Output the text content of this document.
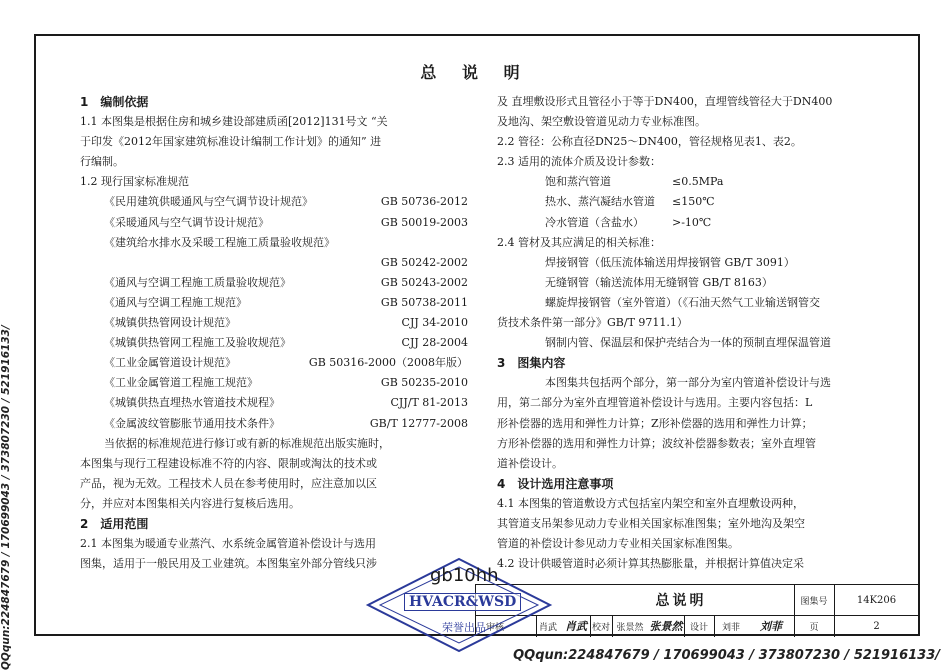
总 说 明
1　编制依据
1.1 本图集是根据住房和城乡建设部建质函[2012]131号文 “关
于印发《2012年国家建筑标准设计编制工作计划》的通知” 进
行编制。
1.2 现行国家标准规范
《民用建筑供暖通风与空气调节设计规范》	GB 50736-2012
《采暖通风与空气调节设计规范》	GB 50019-2003
《建筑给水排水及采暖工程施工质量验收规范》
GB 50242-2002
《通风与空调工程施工质量验收规范》	GB 50243-2002
《通风与空调工程施工规范》	GB 50738-2011
《城镇供热管网设计规范》	CJJ 34-2010
《城镇供热管网工程施工及验收规范》	CJJ 28-2004
《工业金属管道设计规范》	GB 50316-2000（2008年版）
《工业金属管道工程施工规范》	GB 50235-2010
《城镇供热直埋热水管道技术规程》	CJJ/T 81-2013
《金属波纹管膨胀节通用技术条件》	GB/T 12777-2008
当依据的标准规范进行修订或有新的标准规范出版实施时，
本图集与现行工程建设标准不符的内容、限制或淘汰的技术或
产品，视为无效。工程技术人员在参考使用时，应注意加以区
分，并应对本图集相关内容进行复核后选用。
2　适用范围
2.1 本图集为暖通专业蒸汽、水系统金属管道补偿设计与选用
图集，适用于一般民用及工业建筑。本图集室外部分管线只涉
及 直埋敷设形式且管径小于等于DN400，直埋管线管径大于DN400
及地沟、架空敷设管道见动力专业标准图。
2.2 管径：公称直径DN25～DN400，管径规格见表1、表2。
2.3 适用的流体介质及设计参数：
饱和蒸汽管道	≤0.5MPa
热水、蒸汽凝结水管道	≤150℃
冷水管道（含盐水）	>-10℃
2.4 管材及其应满足的相关标准：
焊接钢管（低压流体输送用焊接钢管 GB/T 3091）
无缝钢管（输送流体用无缝钢管 GB/T 8163）
螺旋焊接钢管（室外管道）（《石油天然气工业输送钢管交
货技术条件第一部分》GB/T 9711.1）
钢制内管、保温层和保护壳结合为一体的预制直埋保温管道
3　图集内容
本图集共包括两个部分，第一部分为室内管道补偿设计与选
用，第二部分为室外直埋管道补偿设计与选用。主要内容包括：L
形补偿器的选用和弹性力计算；Z形补偿器的选用和弹性力计算；
方形补偿器的选用和弹性力计算；波纹补偿器参数表；室外直埋管
道补偿设计。
4　设计选用注意事项
4.1 本图集的管道敷设方式包括室内架空和室外直埋敷设两种，
其管道支吊架参见动力专业相关国家标准图集；室外地沟及架空
管道的补偿设计参见动力专业相关国家标准图集。
4.2 设计供暖管道时必须计算其热膨胀量，并根据计算值决定采
总说明	图集号	14K206
审核	肖武 肖武 校对 张景然 张景然 设计	刘菲	刘菲	页	2
gb10hh
HVACR&WSD
荣誉出品
QQqun:224847679 / 170699043 / 373807230 / 521916133/	QQqun:224847679 / 170699043 / 373807230 / 521916133/
